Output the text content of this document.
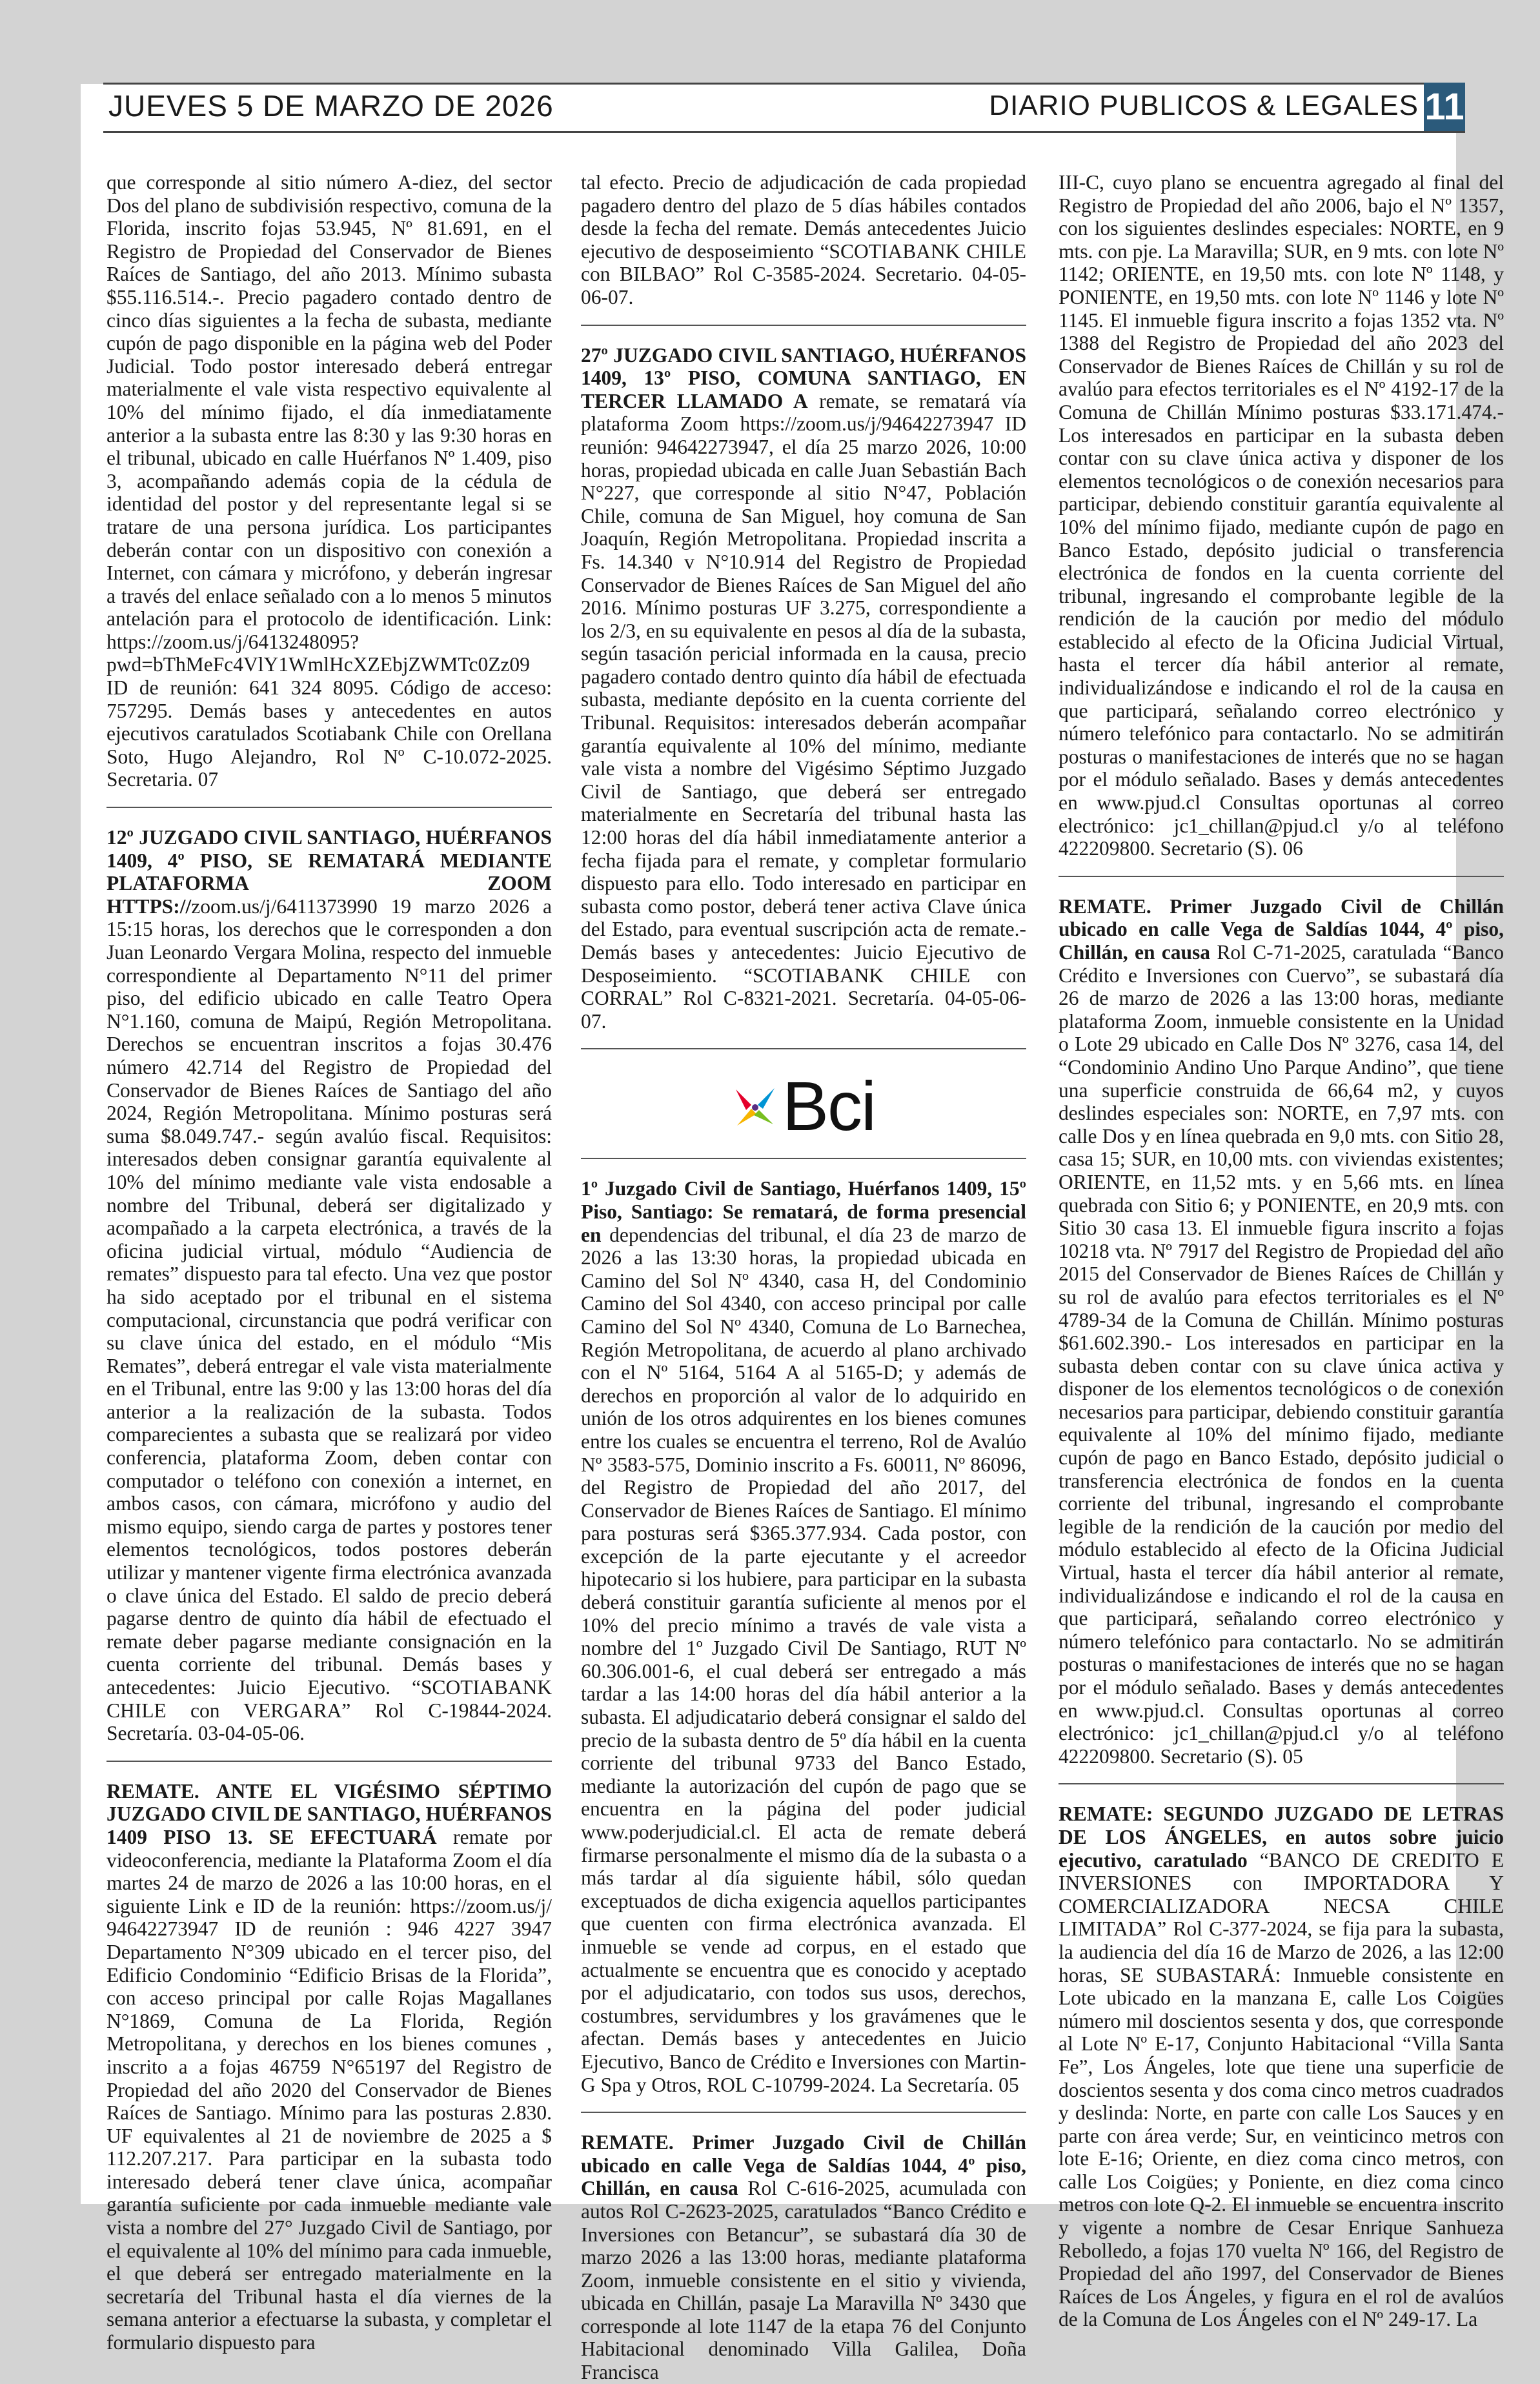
JUEVES 5 DE MARZO DE 2026	DIARIO PUBLICOS & LEGALES 11

que corresponde al sitio número A-diez, del sector Dos del plano de subdivisión respectivo, comuna de la Florida, inscrito fojas 53.945, Nº 81.691, en el Registro de Propiedad del Conservador de Bienes Raíces de Santiago, del año 2013. Mínimo subasta $55.116.514.-. Precio pagadero contado dentro de cinco días siguientes a la fecha de subasta, mediante cupón de pago disponible en la página web del Poder Judicial. Todo postor interesado deberá entregar materialmente el vale vista respectivo equivalente al 10% del mínimo fijado, el día inmediatamente anterior a la subasta entre las 8:30 y las 9:30 horas en el tribunal, ubicado en calle Huérfanos Nº 1.409, piso 3, acompañando además copia de la cédula de identidad del postor y del representante legal si se tratare de una persona jurídica. Los participantes deberán contar con un dispositivo con conexión a Internet, con cámara y micrófono, y deberán ingresar a través del enlace señalado con a lo menos 5 minutos antelación para el protocolo de identificación. Link: https://zoom.us/j/6413248095?pwd=bThMeFc4VlY1WmlHcXZEbjZWMTc0Zz09 ID de reunión: 641 324 8095. Código de acceso: 757295. Demás bases y antecedentes en autos ejecutivos caratulados Scotiabank Chile con Orellana Soto, Hugo Alejandro, Rol Nº C-10.072-2025. Secretaria. 07

12º JUZGADO CIVIL SANTIAGO, HUÉRFANOS 1409, 4º PISO, SE REMATARÁ MEDIANTE PLATAFORMA ZOOM HTTPS://zoom.us/j/6411373990 19 marzo 2026 a 15:15 horas, los derechos que le corresponden a don Juan Leonardo Vergara Molina, respecto del inmueble correspondiente al Departamento N°11 del primer piso, del edificio ubicado en calle Teatro Opera N°1.160, comuna de Maipú, Región Metropolitana. Derechos se encuentran inscritos a fojas 30.476 número 42.714 del Registro de Propiedad del Conservador de Bienes Raíces de Santiago del año 2024, Región Metropolitana. Mínimo posturas será suma $8.049.747.- según avalúo fiscal. Requisitos: interesados deben consignar garantía equivalente al 10% del mínimo mediante vale vista endosable a nombre del Tribunal, deberá ser digitalizado y acompañado a la carpeta electrónica, a través de la oficina judicial virtual, módulo “Audiencia de remates” dispuesto para tal efecto. Una vez que postor ha sido aceptado por el tribunal en el sistema computacional, circunstancia que podrá verificar con su clave única del estado, en el módulo “Mis Remates”, deberá entregar el vale vista materialmente en el Tribunal, entre las 9:00 y las 13:00 horas del día anterior a la realización de la subasta. Todos comparecientes a subasta que se realizará por video conferencia, plataforma Zoom, deben contar con computador o teléfono con conexión a internet, en ambos casos, con cámara, micrófono y audio del mismo equipo, siendo carga de partes y postores tener elementos tecnológicos, todos postores deberán utilizar y mantener vigente firma electrónica avanzada o clave única del Estado. El saldo de precio deberá pagarse dentro de quinto día hábil de efectuado el remate deber pagarse mediante consignación en la cuenta corriente del tribunal. Demás bases y antecedentes: Juicio Ejecutivo. “SCOTIABANK CHILE con VERGARA” Rol C-19844-2024. Secretaría. 03-04-05-06.

REMATE. ANTE EL VIGÉSIMO SÉPTIMO JUZGADO CIVIL DE SANTIAGO, HUÉRFANOS 1409 PISO 13. SE EFECTUARÁ remate por videoconferencia, mediante la Plataforma Zoom el día martes 24 de marzo de 2026 a las 10:00 horas, en el siguiente Link e ID de la reunión: https://zoom.us/j/ 94642273947 ID de reunión : 946 4227 3947 Departamento N°309 ubicado en el tercer piso, del Edificio Condominio “Edificio Brisas de la Florida”, con acceso principal por calle Rojas Magallanes N°1869, Comuna de La Florida, Región Metropolitana, y derechos en los bienes comunes , inscrito a a fojas 46759 N°65197 del Registro de Propiedad del año 2020 del Conservador de Bienes Raíces de Santiago. Mínimo para las posturas 2.830. UF equivalentes al 21 de noviembre de 2025 a $ 112.207.217. Para participar en la subasta todo interesado deberá tener clave única, acompañar garantía suficiente por cada inmueble mediante vale vista a nombre del 27° Juzgado Civil de Santiago, por el equivalente al 10% del mínimo para cada inmueble, el que deberá ser entregado materialmente en la secretaría del Tribunal hasta el día viernes de la semana anterior a efectuarse la subasta, y completar el formulario dispuesto para

tal efecto. Precio de adjudicación de cada propiedad pagadero dentro del plazo de 5 días hábiles contados desde la fecha del remate. Demás antecedentes Juicio ejecutivo de desposeimiento “SCOTIABANK CHILE con BILBAO” Rol C-3585-2024. Secretario. 04-05-06-07.

27º JUZGADO CIVIL SANTIAGO, HUÉRFANOS 1409, 13º PISO, COMUNA SANTIAGO, EN TERCER LLAMADO A remate, se rematará vía plataforma Zoom https://zoom.us/j/94642273947 ID reunión: 94642273947, el día 25 marzo 2026, 10:00 horas, propiedad ubicada en calle Juan Sebastián Bach N°227, que corresponde al sitio N°47, Población Chile, comuna de San Miguel, hoy comuna de San Joaquín, Región Metropolitana. Propiedad inscrita a Fs. 14.340 v N°10.914 del Registro de Propiedad Conservador de Bienes Raíces de San Miguel del año 2016. Mínimo posturas UF 3.275, correspondiente a los 2/3, en su equivalente en pesos al día de la subasta, según tasación pericial informada en la causa, precio pagadero contado dentro quinto día hábil de efectuada subasta, mediante depósito en la cuenta corriente del Tribunal. Requisitos: interesados deberán acompañar garantía equivalente al 10% del mínimo, mediante vale vista a nombre del Vigésimo Séptimo Juzgado Civil de Santiago, que deberá ser entregado materialmente en Secretaría del tribunal hasta las 12:00 horas del día hábil inmediatamente anterior a fecha fijada para el remate, y completar formulario dispuesto para ello. Todo interesado en participar en subasta como postor, deberá tener activa Clave única del Estado, para eventual suscripción acta de remate.- Demás bases y antecedentes: Juicio Ejecutivo de Desposeimiento. “SCOTIABANK CHILE con CORRAL” Rol C-8321-2021. Secretaría. 04-05-06-07.

Bci

1º Juzgado Civil de Santiago, Huérfanos 1409, 15º Piso, Santiago: Se rematará, de forma presencial en dependencias del tribunal, el día 23 de marzo de 2026 a las 13:30 horas, la propiedad ubicada en Camino del Sol Nº 4340, casa H, del Condominio Camino del Sol 4340, con acceso principal por calle Camino del Sol Nº 4340, Comuna de Lo Barnechea, Región Metropolitana, de acuerdo al plano archivado con el Nº 5164, 5164 A al 5165-D; y además de derechos en proporción al valor de lo adquirido en unión de los otros adquirentes en los bienes comunes entre los cuales se encuentra el terreno, Rol de Avalúo Nº 3583-575, Dominio inscrito a Fs. 60011, Nº 86096, del Registro de Propiedad del año 2017, del Conservador de Bienes Raíces de Santiago. El mínimo para posturas será $365.377.934. Cada postor, con excepción de la parte ejecutante y el acreedor hipotecario si los hubiere, para participar en la subasta deberá constituir garantía suficiente al menos por el 10% del precio mínimo a través de vale vista a nombre del 1º Juzgado Civil De Santiago, RUT Nº 60.306.001-6, el cual deberá ser entregado a más tardar a las 14:00 horas del día hábil anterior a la subasta. El adjudicatario deberá consignar el saldo del precio de la subasta dentro de 5º día hábil en la cuenta corriente del tribunal 9733 del Banco Estado, mediante la autorización del cupón de pago que se encuentra en la página del poder judicial www.poderjudicial.cl. El acta de remate deberá firmarse personalmente el mismo día de la subasta o a más tardar al día siguiente hábil, sólo quedan exceptuados de dicha exigencia aquellos participantes que cuenten con firma electrónica avanzada. El inmueble se vende ad corpus, en el estado que actualmente se encuentra que es conocido y aceptado por el adjudicatario, con todos sus usos, derechos, costumbres, servidumbres y los gravámenes que le afectan. Demás bases y antecedentes en Juicio Ejecutivo, Banco de Crédito e Inversiones con Martin-G Spa y Otros, ROL C-10799-2024. La Secretaría. 05

REMATE. Primer Juzgado Civil de Chillán ubicado en calle Vega de Saldías 1044, 4º piso, Chillán, en causa Rol C-616-2025, acumulada con autos Rol C-2623-2025, caratulados “Banco Crédito e Inversiones con Betancur”, se subastará día 30 de marzo 2026 a las 13:00 horas, mediante plataforma Zoom, inmueble consistente en el sitio y vivienda, ubicada en Chillán, pasaje La Maravilla Nº 3430 que corresponde al lote 1147 de la etapa 76 del Conjunto Habitacional denominado Villa Galilea, Doña Francisca

III-C, cuyo plano se encuentra agregado al final del Registro de Propiedad del año 2006, bajo el Nº 1357, con los siguientes deslindes especiales: NORTE, en 9 mts. con pje. La Maravilla; SUR, en 9 mts. con lote Nº 1142; ORIENTE, en 19,50 mts. con lote Nº 1148, y PONIENTE, en 19,50 mts. con lote Nº 1146 y lote Nº 1145. El inmueble figura inscrito a fojas 1352 vta. Nº 1388 del Registro de Propiedad del año 2023 del Conservador de Bienes Raíces de Chillán y su rol de avalúo para efectos territoriales es el Nº 4192-17 de la Comuna de Chillán Mínimo posturas $33.171.474.- Los interesados en participar en la subasta deben contar con su clave única activa y disponer de los elementos tecnológicos o de conexión necesarios para participar, debiendo constituir garantía equivalente al 10% del mínimo fijado, mediante cupón de pago en Banco Estado, depósito judicial o transferencia electrónica de fondos en la cuenta corriente del tribunal, ingresando el comprobante legible de la rendición de la caución por medio del módulo establecido al efecto de la Oficina Judicial Virtual, hasta el tercer día hábil anterior al remate, individualizándose e indicando el rol de la causa en que participará, señalando correo electrónico y número telefónico para contactarlo. No se admitirán posturas o manifestaciones de interés que no se hagan por el módulo señalado. Bases y demás antecedentes en www.pjud.cl Consultas oportunas al correo electrónico: jc1_chillan@pjud.cl y/o al teléfono 422209800. Secretario (S). 06

REMATE. Primer Juzgado Civil de Chillán ubicado en calle Vega de Saldías 1044, 4º piso, Chillán, en causa Rol C-71-2025, caratulada “Banco Crédito e Inversiones con Cuervo”, se subastará día 26 de marzo de 2026 a las 13:00 horas, mediante plataforma Zoom, inmueble consistente en la Unidad o Lote 29 ubicado en Calle Dos Nº 3276, casa 14, del “Condominio Andino Uno Parque Andino”, que tiene una superficie construida de 66,64 m2, y cuyos deslindes especiales son: NORTE, en 7,97 mts. con calle Dos y en línea quebrada en 9,0 mts. con Sitio 28, casa 15; SUR, en 10,00 mts. con viviendas existentes; ORIENTE, en 11,52 mts. y en 5,66 mts. en línea quebrada con Sitio 6; y PONIENTE, en 20,9 mts. con Sitio 30 casa 13. El inmueble figura inscrito a fojas 10218 vta. Nº 7917 del Registro de Propiedad del año 2015 del Conservador de Bienes Raíces de Chillán y su rol de avalúo para efectos territoriales es el Nº 4789-34 de la Comuna de Chillán. Mínimo posturas $61.602.390.- Los interesados en participar en la subasta deben contar con su clave única activa y disponer de los elementos tecnológicos o de conexión necesarios para participar, debiendo constituir garantía equivalente al 10% del mínimo fijado, mediante cupón de pago en Banco Estado, depósito judicial o transferencia electrónica de fondos en la cuenta corriente del tribunal, ingresando el comprobante legible de la rendición de la caución por medio del módulo establecido al efecto de la Oficina Judicial Virtual, hasta el tercer día hábil anterior al remate, individualizándose e indicando el rol de la causa en que participará, señalando correo electrónico y número telefónico para contactarlo. No se admitirán posturas o manifestaciones de interés que no se hagan por el módulo señalado. Bases y demás antecedentes en www.pjud.cl. Consultas oportunas al correo electrónico: jc1_chillan@pjud.cl y/o al teléfono 422209800. Secretario (S). 05

REMATE: SEGUNDO JUZGADO DE LETRAS DE LOS ÁNGELES, en autos sobre juicio ejecutivo, caratulado “BANCO DE CREDITO E INVERSIONES con IMPORTADORA Y COMERCIALIZADORA NECSA CHILE LIMITADA” Rol C-377-2024, se fija para la subasta, la audiencia del día 16 de Marzo de 2026, a las 12:00 horas, SE SUBASTARÁ: Inmueble consistente en Lote ubicado en la manzana E, calle Los Coigües número mil doscientos sesenta y dos, que corresponde al Lote Nº E-17, Conjunto Habitacional “Villa Santa Fe”, Los Ángeles, lote que tiene una superficie de doscientos sesenta y dos coma cinco metros cuadrados y deslinda: Norte, en parte con calle Los Sauces y en parte con área verde; Sur, en veinticinco metros con lote E-16; Oriente, en diez coma cinco metros, con calle Los Coigües; y Poniente, en diez coma cinco metros con lote Q-2. El inmueble se encuentra inscrito y vigente a nombre de Cesar Enrique Sanhueza Rebolledo, a fojas 170 vuelta Nº 166, del Registro de Propiedad del año 1997, del Conservador de Bienes Raíces de Los Ángeles, y figura en el rol de avalúos de la Comuna de Los Ángeles con el Nº 249-17. La
